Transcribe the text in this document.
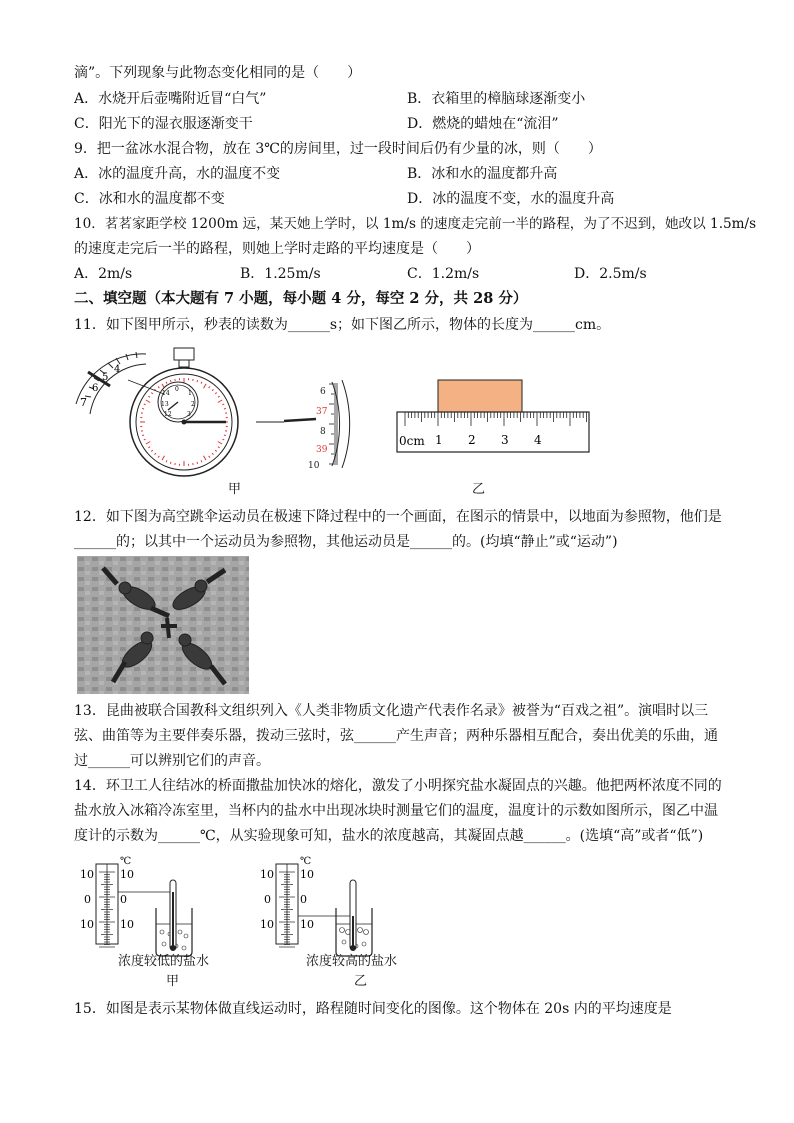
滴”。下列现象与此物态变化相同的是（　　）
A．水烧开后壶嘴附近冒“白气”	B．衣箱里的樟脑球逐渐变小
C．阳光下的湿衣服逐渐变干	D．燃烧的蜡烛在“流泪”
9．把一盆冰水混合物，放在 3℃的房间里，过一段时间后仍有少量的冰，则（　　）
A．冰的温度升高，水的温度不变	B．冰和水的温度都升高
C．冰和水的温度都不变	D．冰的温度不变，水的温度升高
10．茗茗家距学校 1200m 远，某天她上学时，以 1m/s 的速度走完前一半的路程，为了不迟到，她改以 1.5m/s
的速度走完后一半的路程，则她上学时走路的平均速度是（　　）
A．2m/s	B．1.25m/s	C．1.2m/s	D．2.5m/s
二、填空题（本大题有 7 小题，每小题 4 分，每空 2 分，共 28 分）
11．如下图甲所示，秒表的读数为______s；如下图乙所示，物体的长度为______cm。
4
5
6
7
0
14	1
13	2
12	3
6
37
8
39
10
0cm 1 2 3 4
甲	乙
12．如下图为高空跳伞运动员在极速下降过程中的一个画面，在图示的情景中，以地面为参照物，他们是
______的；以其中一个运动员为参照物，其他运动员是______的。(均填“静止”或“运动”)
13．昆曲被联合国教科文组织列入《人类非物质文化遗产代表作名录》被誉为“百戏之祖”。演唱时以三
弦、曲笛等为主要伴奏乐器，拨动三弦时，弦______产生声音；两种乐器相互配合，奏出优美的乐曲，通
过______可以辨别它们的声音。
14．环卫工人往结冰的桥面撒盐加快冰的熔化，激发了小明探究盐水凝固点的兴趣。他把两杯浓度不同的
盐水放入冰箱冷冻室里，当杯内的盐水中出现冰块时测量它们的温度，温度计的示数如图所示，图乙中温
度计的示数为______℃，从实验现象可知，盐水的浓度越高，其凝固点越______。(选填“高”或者“低”)
℃
10
0
10
10
0
10
浓度较低的盐水
甲
℃
10
0
10
10
0
10
浓度较高的盐水
乙
15．如图是表示某物体做直线运动时，路程随时间变化的图像。这个物体在 20s 内的平均速度是
